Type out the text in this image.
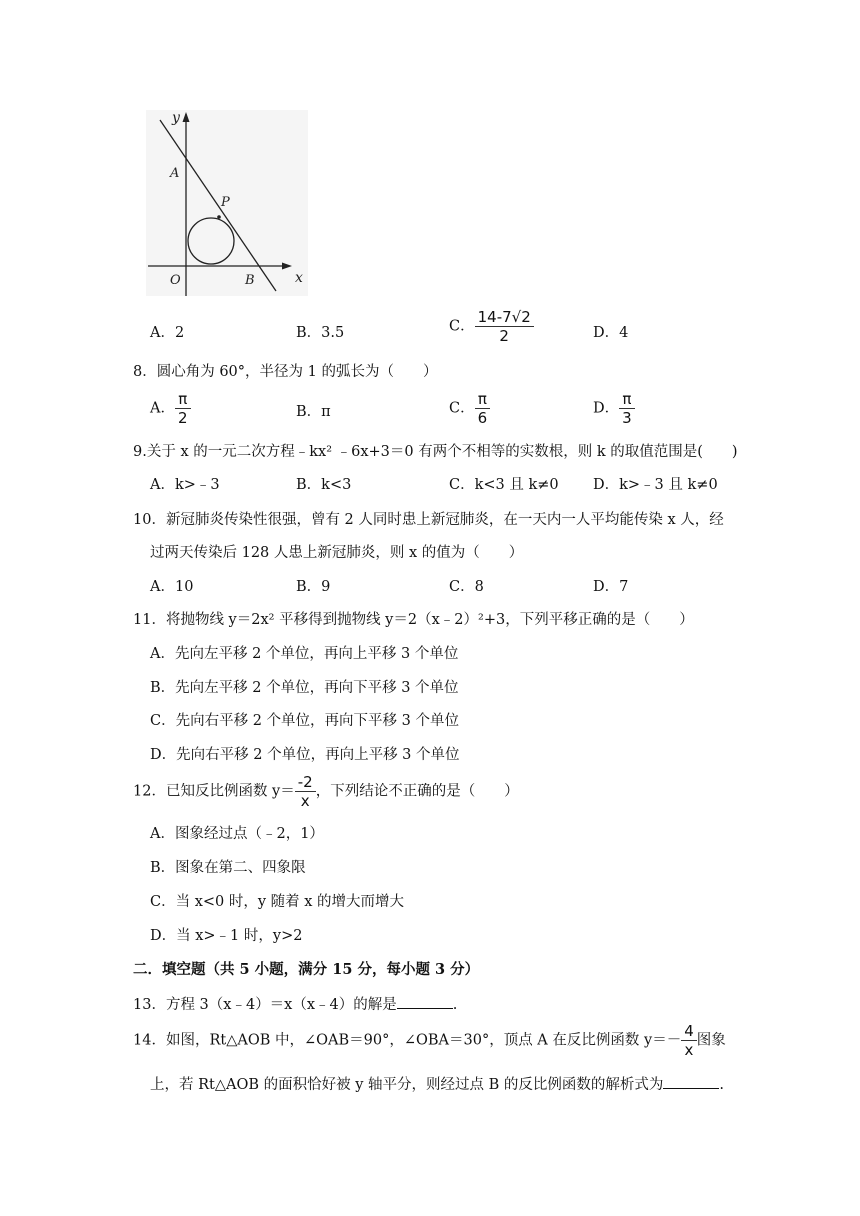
y
x
O
A
B
P
A．2	B．3.5	C． $\frac{14-7√2}{2}$	D．4
8．圆心角为 60°，半径为 1 的弧长为（　　）
A． $\frac{\pi}{2}$	B．π	C． $\frac{\pi}{6}$	D． $\frac{\pi}{3}$
9.关于 x 的一元二次方程﹣kx² ﹣6x+3＝0 有两个不相等的实数根，则 k 的取值范围是(　　)
A．k>﹣3	B．k<3	C．k<3 且 k≠0 D．k>﹣3 且 k≠0
10．新冠肺炎传染性很强，曾有 2 人同时患上新冠肺炎，在一天内一人平均能传染 x 人，经
过两天传染后 128 人患上新冠肺炎，则 x 的值为（　　）
A．10	B．9	C．8	D．7
11．将抛物线 y＝2x² 平移得到抛物线 y＝2（x﹣2）²+3，下列平移正确的是（　　）
A．先向左平移 2 个单位，再向上平移 3 个单位
B．先向左平移 2 个单位，再向下平移 3 个单位
C．先向右平移 2 个单位，再向下平移 3 个单位
D．先向右平移 2 个单位，再向上平移 3 个单位
12．已知反比例函数 $y= \frac{-2}{x}$ ，下列结论不正确的是（　　）
A．图象经过点（﹣2，1）
B．图象在第二、四象限
C．当 x<0 时，y 随着 x 的增大而增大
D．当 x>﹣1 时，y>2
二．填空题（共 5 小题，满分 15 分，每小题 3 分）
13．方程 3（x﹣4）＝x（x﹣4）的解是	.
14．如图，Rt△AOB 中，∠OAB＝90°，∠OBA＝30°，顶点 A 在反比例函数 $y=- \frac{4}{x}$ 图象
上，若 Rt△AOB 的面积恰好被 y 轴平分，则经过点 B 的反比例函数的解析式为	.
